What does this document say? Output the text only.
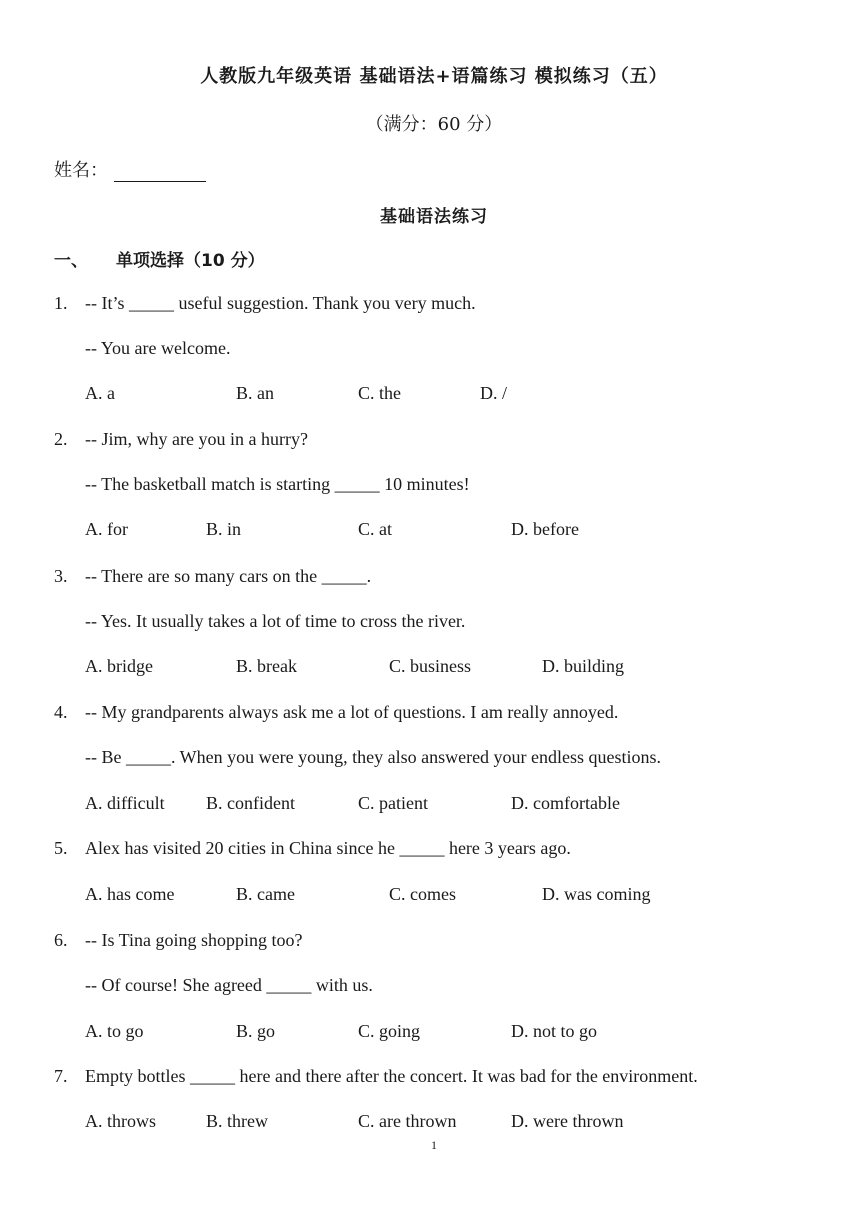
人教版九年级英语 基础语法+语篇练习 模拟练习（五）
（满分：60 分）
姓名：
基础语法练习
一、 单项选择（10 分）
1. -- It’s _____ useful suggestion. Thank you very much.
-- You are welcome.
A. a	B. an	C. the	D. /
2. -- Jim, why are you in a hurry?
-- The basketball match is starting _____ 10 minutes!
A. for	B. in	C. at	D. before
3. -- There are so many cars on the _____.
-- Yes. It usually takes a lot of time to cross the river.
A. bridge	B. break	C. business	D. building
4. -- My grandparents always ask me a lot of questions. I am really annoyed.
-- Be _____. When you were young, they also answered your endless questions.
A. difficult B. confident	C. patient	D. comfortable
5. Alex has visited 20 cities in China since he _____ here 3 years ago.
A. has come	B. came	C. comes	D. was coming
6. -- Is Tina going shopping too?
-- Of course! She agreed _____ with us.
A. to go	B. go	C. going	D. not to go
7. Empty bottles _____ here and there after the concert. It was bad for the environment.
A. throws	B. threw	C. are thrown	D. were thrown
1
